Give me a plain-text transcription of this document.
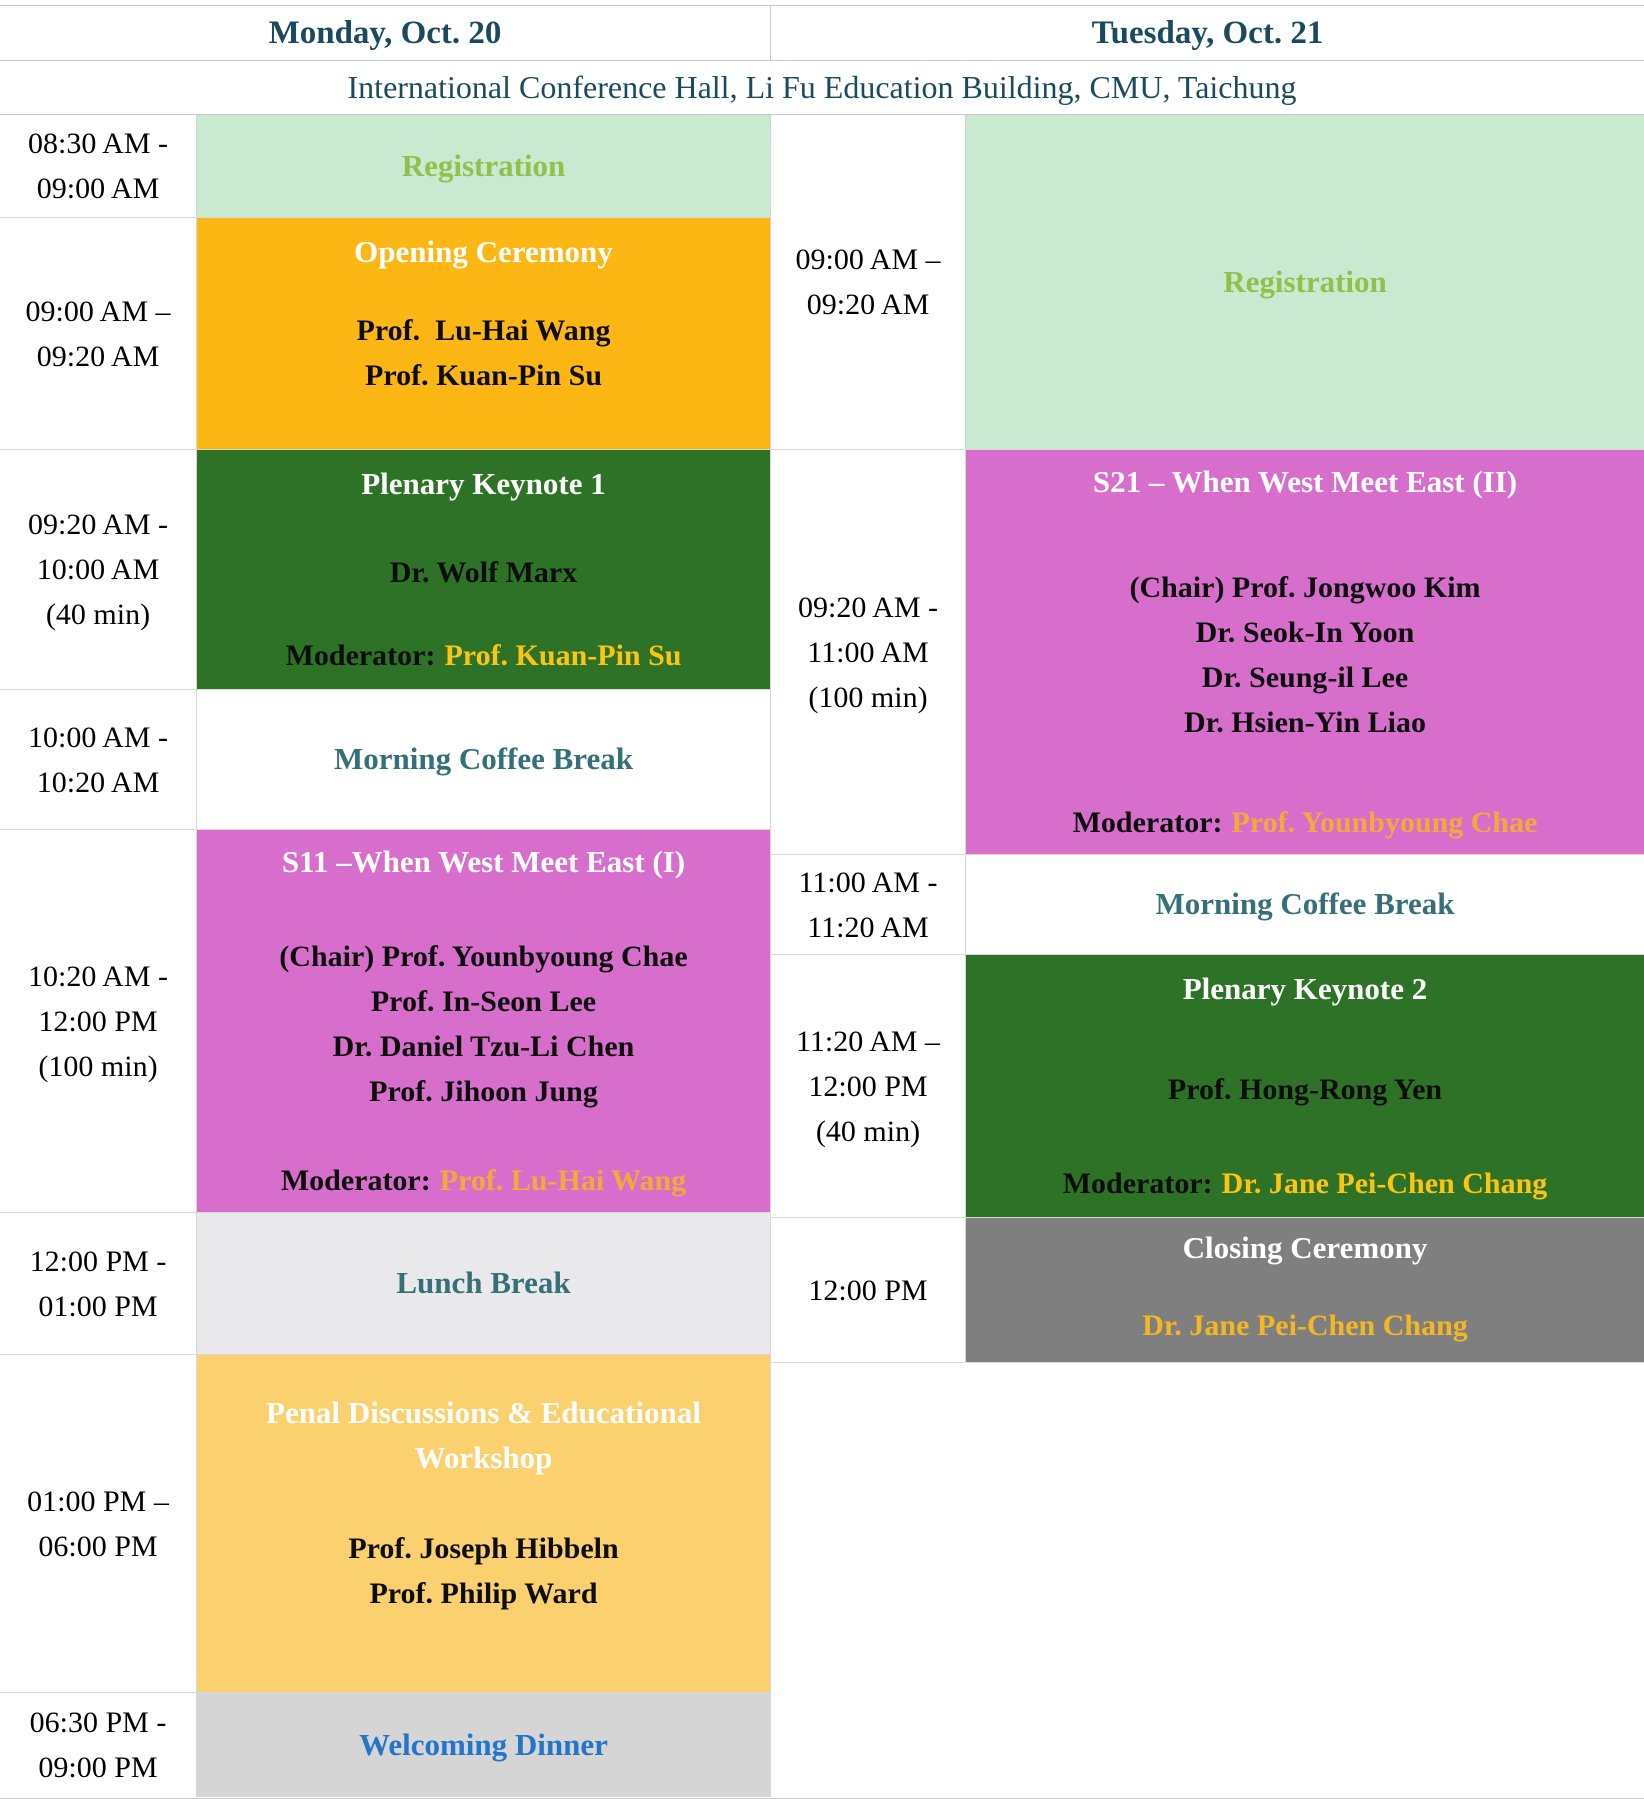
Monday, Oct. 20	Tuesday, Oct. 21
International Conference Hall, Li Fu Education Building, CMU, Taichung
08:30 AM -
09:00 AM
Registration
09:00 AM –
09:20 AM
Opening Ceremony
Prof.  Lu-Hai Wang
Prof. Kuan-Pin Su
09:20 AM -
10:00 AM
(40 min)
Plenary Keynote 1
Dr. Wolf Marx
Moderator: Prof. Kuan-Pin Su
10:00 AM -
10:20 AM
Morning Coffee Break
10:20 AM -
12:00 PM
(100 min)
S11 –When West Meet East (I)
(Chair) Prof. Younbyoung Chae
Prof. In-Seon Lee
Dr. Daniel Tzu-Li Chen
Prof. Jihoon Jung
Moderator: Prof. Lu-Hai Wang
12:00 PM -
01:00 PM
Lunch Break
01:00 PM –
06:00 PM
Penal Discussions & Educational Workshop
Prof. Joseph Hibbeln
Prof. Philip Ward
06:30 PM -
09:00 PM
Welcoming Dinner
09:00 AM –
09:20 AM
Registration
09:20 AM -
11:00 AM
(100 min)
S21 – When West Meet East (II)
(Chair) Prof. Jongwoo Kim
Dr. Seok-In Yoon
Dr. Seung-il Lee
Dr. Hsien-Yin Liao
Moderator: Prof. Younbyoung Chae
11:00 AM -
11:20 AM
Morning Coffee Break
11:20 AM –
12:00 PM
(40 min)
Plenary Keynote 2
Prof. Hong-Rong Yen
Moderator: Dr. Jane Pei-Chen Chang
12:00 PM
Closing Ceremony
Dr. Jane Pei-Chen Chang
